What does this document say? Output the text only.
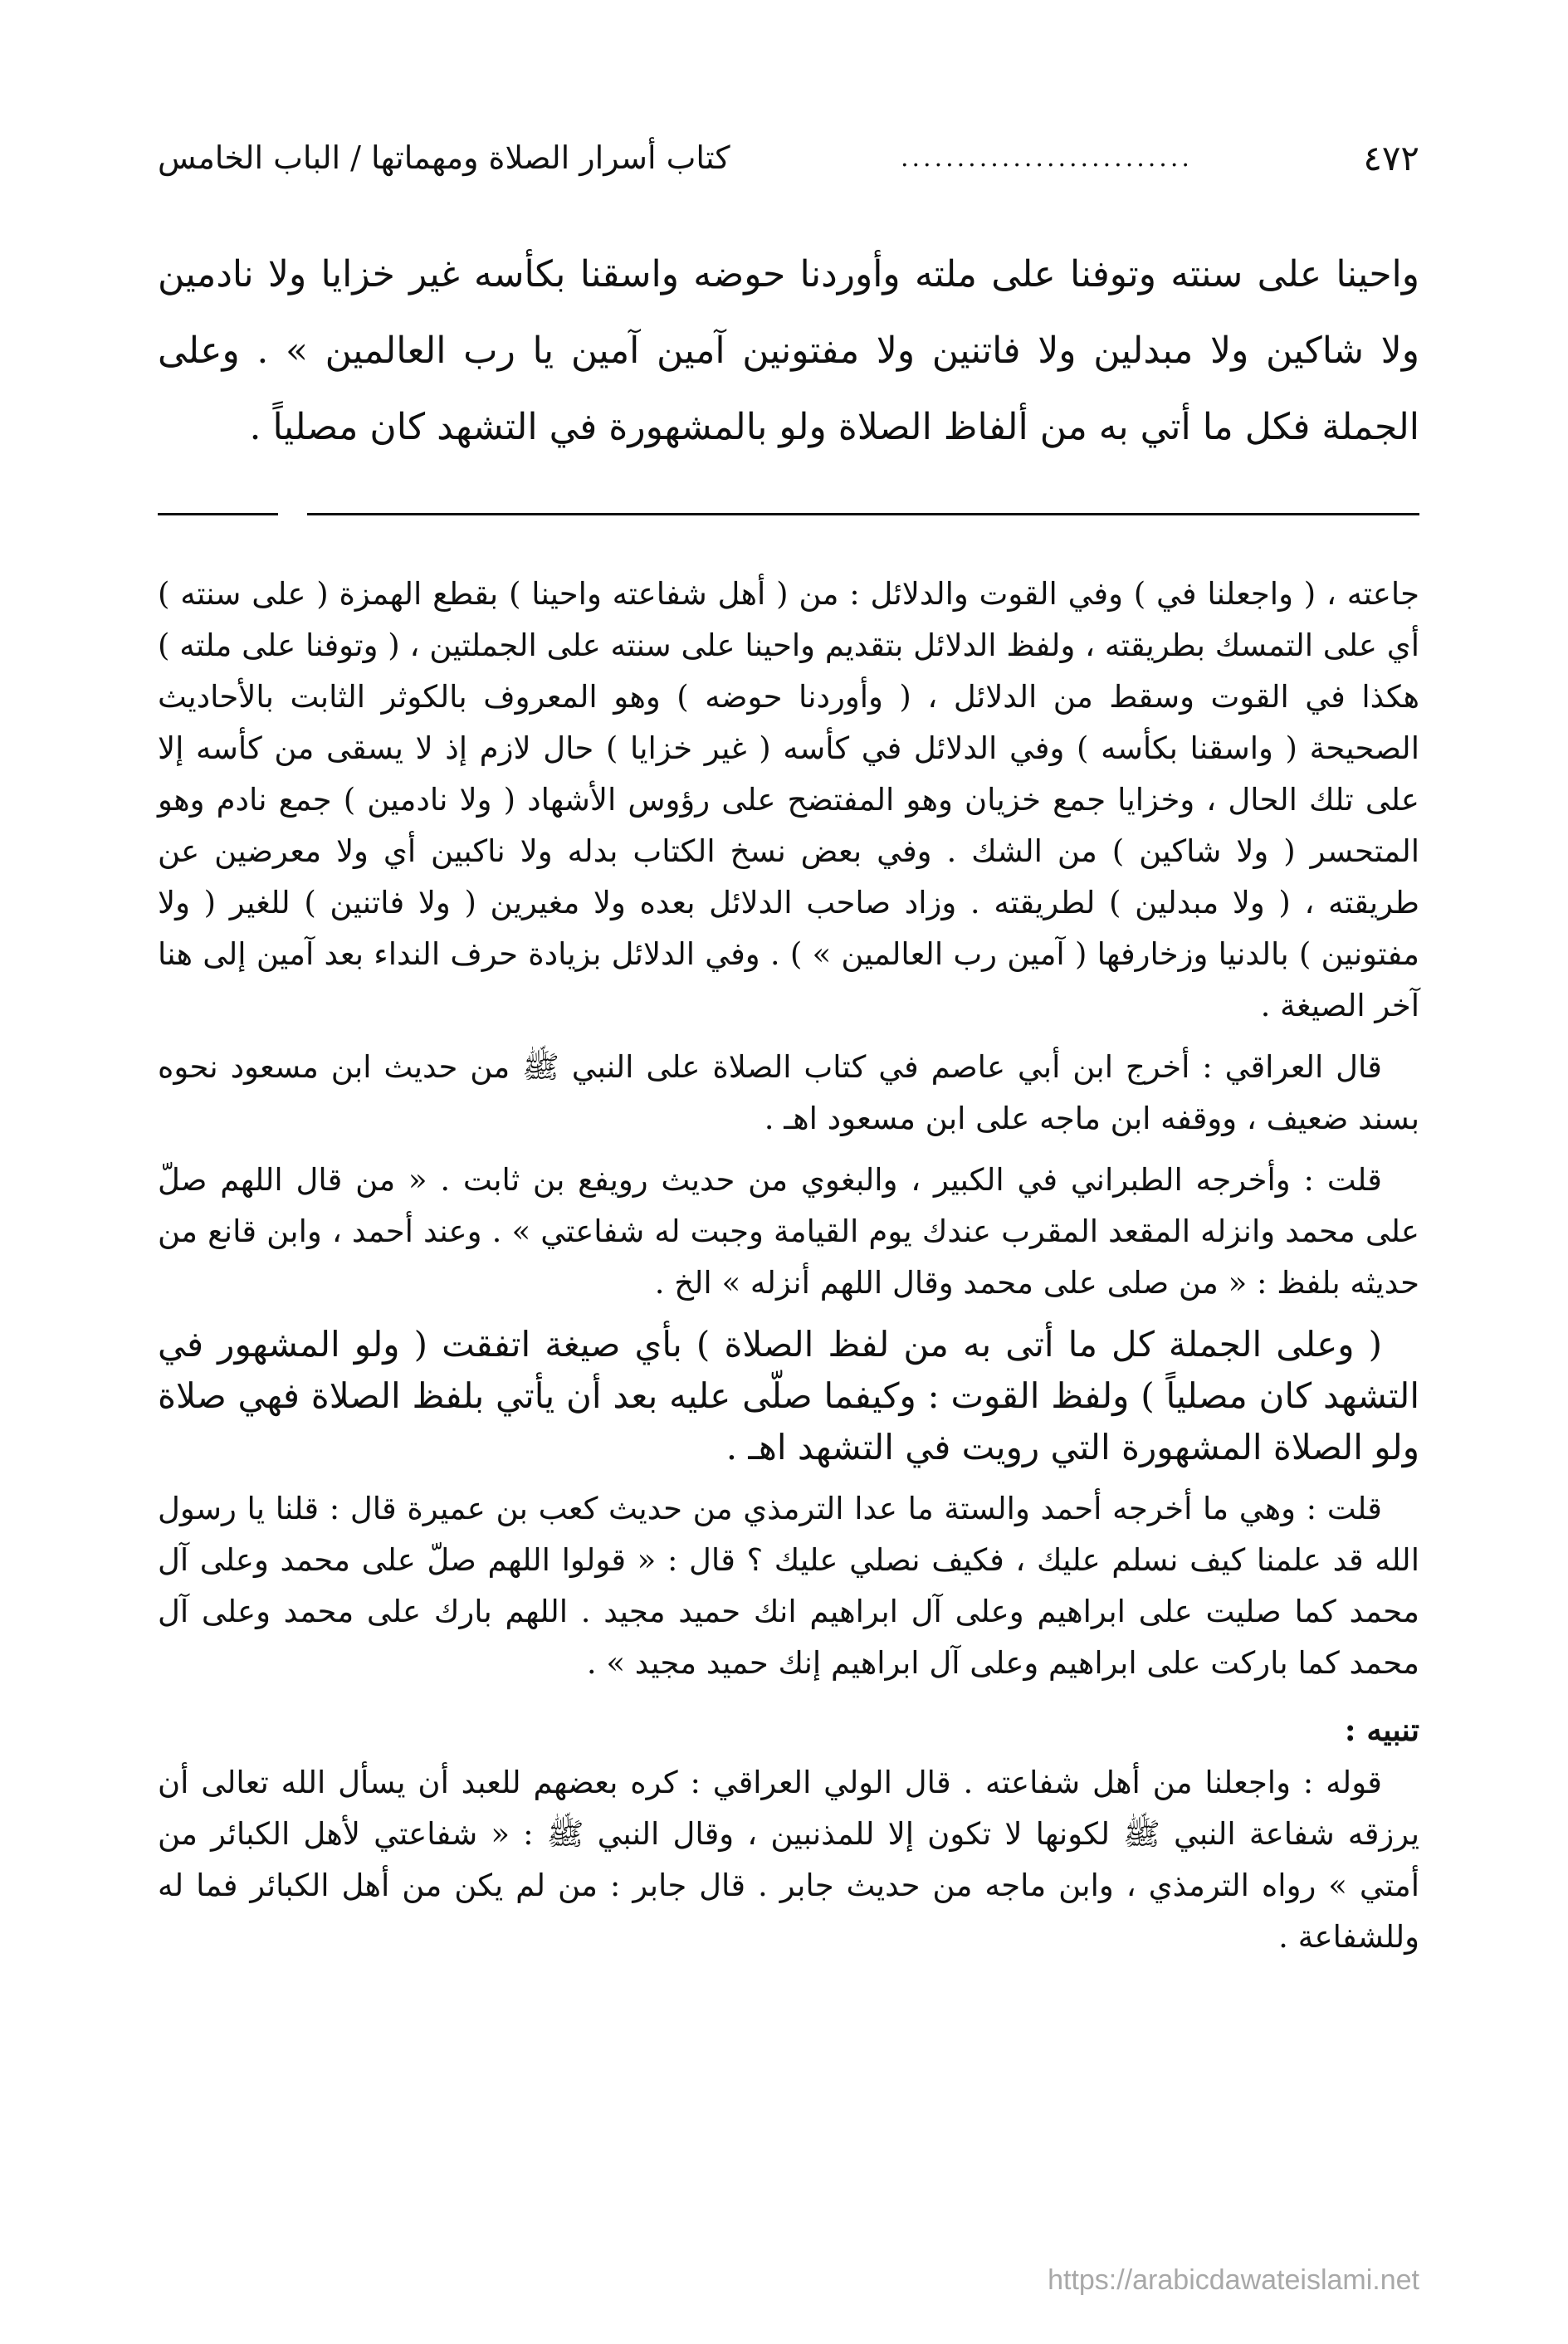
٤٧٢
..........................
كتاب أسرار الصلاة ومهماتها / الباب الخامس
واحينا على سنته وتوفنا على ملته وأوردنا حوضه واسقنا بكأسه غير خزايا ولا نادمين ولا شاكين ولا مبدلين ولا فاتنين ولا مفتونين آمين آمين يا رب العالمين » . وعلى الجملة فكل ما أتي به من ألفاظ الصلاة ولو بالمشهورة في التشهد كان مصلياً .

جاعته ، ( واجعلنا في ) وفي القوت والدلائل : من ( أهل شفاعته واحينا ) بقطع الهمزة ( على سنته ) أي على التمسك بطريقته ، ولفظ الدلائل بتقديم واحينا على سنته على الجملتين ، ( وتوفنا على ملته ) هكذا في القوت وسقط من الدلائل ، ( وأوردنا حوضه ) وهو المعروف بالكوثر الثابت بالأحاديث الصحيحة ( واسقنا بكأسه ) وفي الدلائل في كأسه ( غير خزايا ) حال لازم إذ لا يسقى من كأسه إلا على تلك الحال ، وخزايا جمع خزيان وهو المفتضح على رؤوس الأشهاد ( ولا نادمين ) جمع نادم وهو المتحسر ( ولا شاكين ) من الشك . وفي بعض نسخ الكتاب بدله ولا ناكبين أي ولا معرضين عن طريقته ، ( ولا مبدلين ) لطريقته . وزاد صاحب الدلائل بعده ولا مغيرين ( ولا فاتنين ) للغير ( ولا مفتونين ) بالدنيا وزخارفها ( آمين رب العالمين » ) . وفي الدلائل بزيادة حرف النداء بعد آمين إلى هنا آخر الصيغة .

قال العراقي : أخرج ابن أبي عاصم في كتاب الصلاة على النبي ﷺ من حديث ابن مسعود نحوه بسند ضعيف ، ووقفه ابن ماجه على ابن مسعود اهـ .

قلت : وأخرجه الطبراني في الكبير ، والبغوي من حديث رويفع بن ثابت . « من قال اللهم صلّ على محمد وانزله المقعد المقرب عندك يوم القيامة وجبت له شفاعتي » . وعند أحمد ، وابن قانع من حديثه بلفظ : « من صلى على محمد وقال اللهم أنزله » الخ .

( وعلى الجملة كل ما أتى به من لفظ الصلاة ) بأي صيغة اتفقت ( ولو المشهور في التشهد كان مصلياً ) ولفظ القوت : وكيفما صلّى عليه بعد أن يأتي بلفظ الصلاة فهي صلاة ولو الصلاة المشهورة التي رويت في التشهد اهـ .

قلت : وهي ما أخرجه أحمد والستة ما عدا الترمذي من حديث كعب بن عميرة قال : قلنا يا رسول الله قد علمنا كيف نسلم عليك ، فكيف نصلي عليك ؟ قال : « قولوا اللهم صلّ على محمد وعلى آل محمد كما صليت على ابراهيم وعلى آل ابراهيم انك حميد مجيد . اللهم بارك على محمد وعلى آل محمد كما باركت على ابراهيم وعلى آل ابراهيم إنك حميد مجيد » .

تنبيه :

قوله : واجعلنا من أهل شفاعته . قال الولي العراقي : كره بعضهم للعبد أن يسأل الله تعالى أن يرزقه شفاعة النبي ﷺ لكونها لا تكون إلا للمذنبين ، وقال النبي ﷺ : « شفاعتي لأهل الكبائر من أمتي » رواه الترمذي ، وابن ماجه من حديث جابر . قال جابر : من لم يكن من أهل الكبائر فما له وللشفاعة .

https://arabicdawateislami.net
